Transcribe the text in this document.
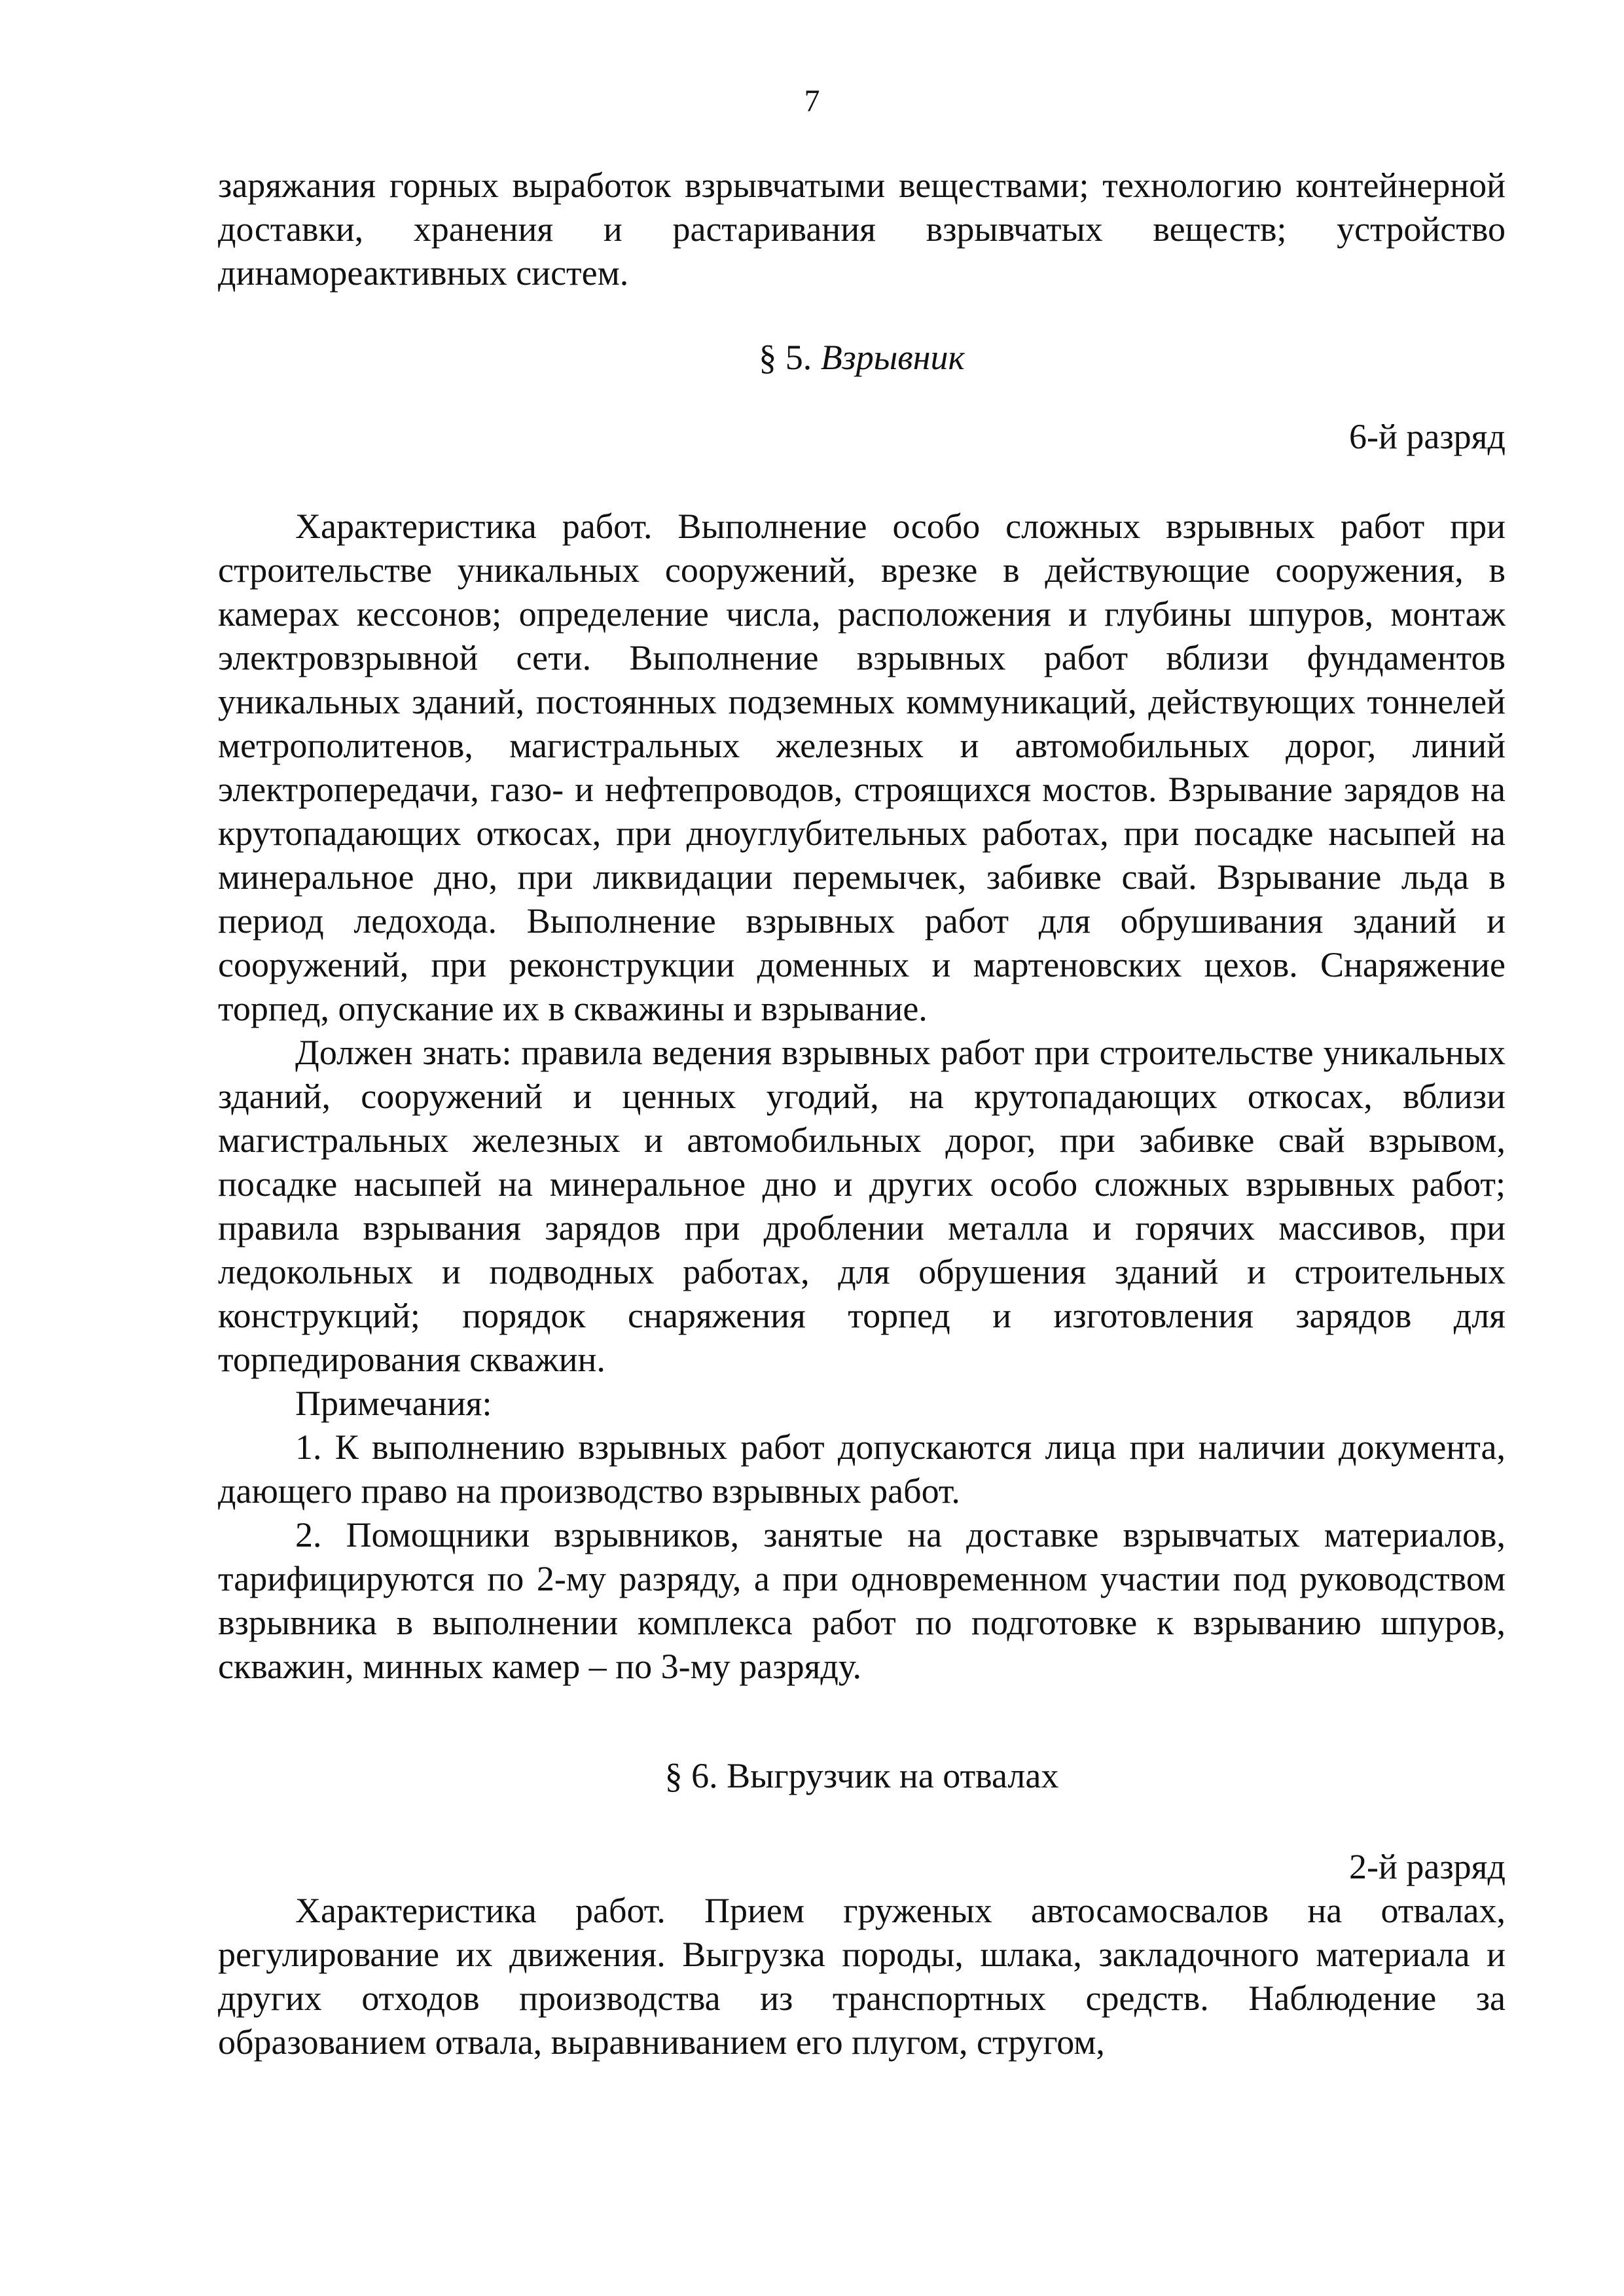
7

заряжания горных выработок взрывчатыми веществами; технологию контейнерной доставки, хранения и растаривания взрывчатых веществ; устройство динамореактивных систем.

§ 5. Взрывник

6-й разряд

Характеристика работ. Выполнение особо сложных взрывных работ при строительстве уникальных сооружений, врезке в действующие сооружения, в камерах кессонов; определение числа, расположения и глубины шпуров, монтаж электровзрывной сети. Выполнение взрывных работ вблизи фундаментов уникальных зданий, постоянных подземных коммуникаций, действующих тоннелей метрополитенов, магистральных железных и автомобильных дорог, линий электропередачи, газо- и нефтепроводов, строящихся мостов. Взрывание зарядов на крутопадающих откосах, при дноуглубительных работах, при посадке насыпей на минеральное дно, при ликвидации перемычек, забивке свай. Взрывание льда в период ледохода. Выполнение взрывных работ для обрушивания зданий и сооружений, при реконструкции доменных и мартеновских цехов. Снаряжение торпед, опускание их в скважины и взрывание.

Должен знать: правила ведения взрывных работ при строительстве уникальных зданий, сооружений и ценных угодий, на крутопадающих откосах, вблизи магистральных железных и автомобильных дорог, при забивке свай взрывом, посадке насыпей на минеральное дно и других особо сложных взрывных работ; правила взрывания зарядов при дроблении металла и горячих массивов, при ледокольных и подводных работах, для обрушения зданий и строительных конструкций; порядок снаряжения торпед и изготовления зарядов для торпедирования скважин.

Примечания:

1. К выполнению взрывных работ допускаются лица при наличии документа, дающего право на производство взрывных работ.

2. Помощники взрывников, занятые на доставке взрывчатых материалов, тарифицируются по 2-му разряду, а при одновременном участии под руководством взрывника в выполнении комплекса работ по подготовке к взрыванию шпуров, скважин, минных камер – по 3-му разряду.

§ 6. Выгрузчик на отвалах

2-й разряд

Характеристика работ. Прием груженых автосамосвалов на отвалах, регулирование их движения. Выгрузка породы, шлака, закладочного материала и других отходов производства из транспортных средств. Наблюдение за образованием отвала, выравниванием его плугом, стругом,
